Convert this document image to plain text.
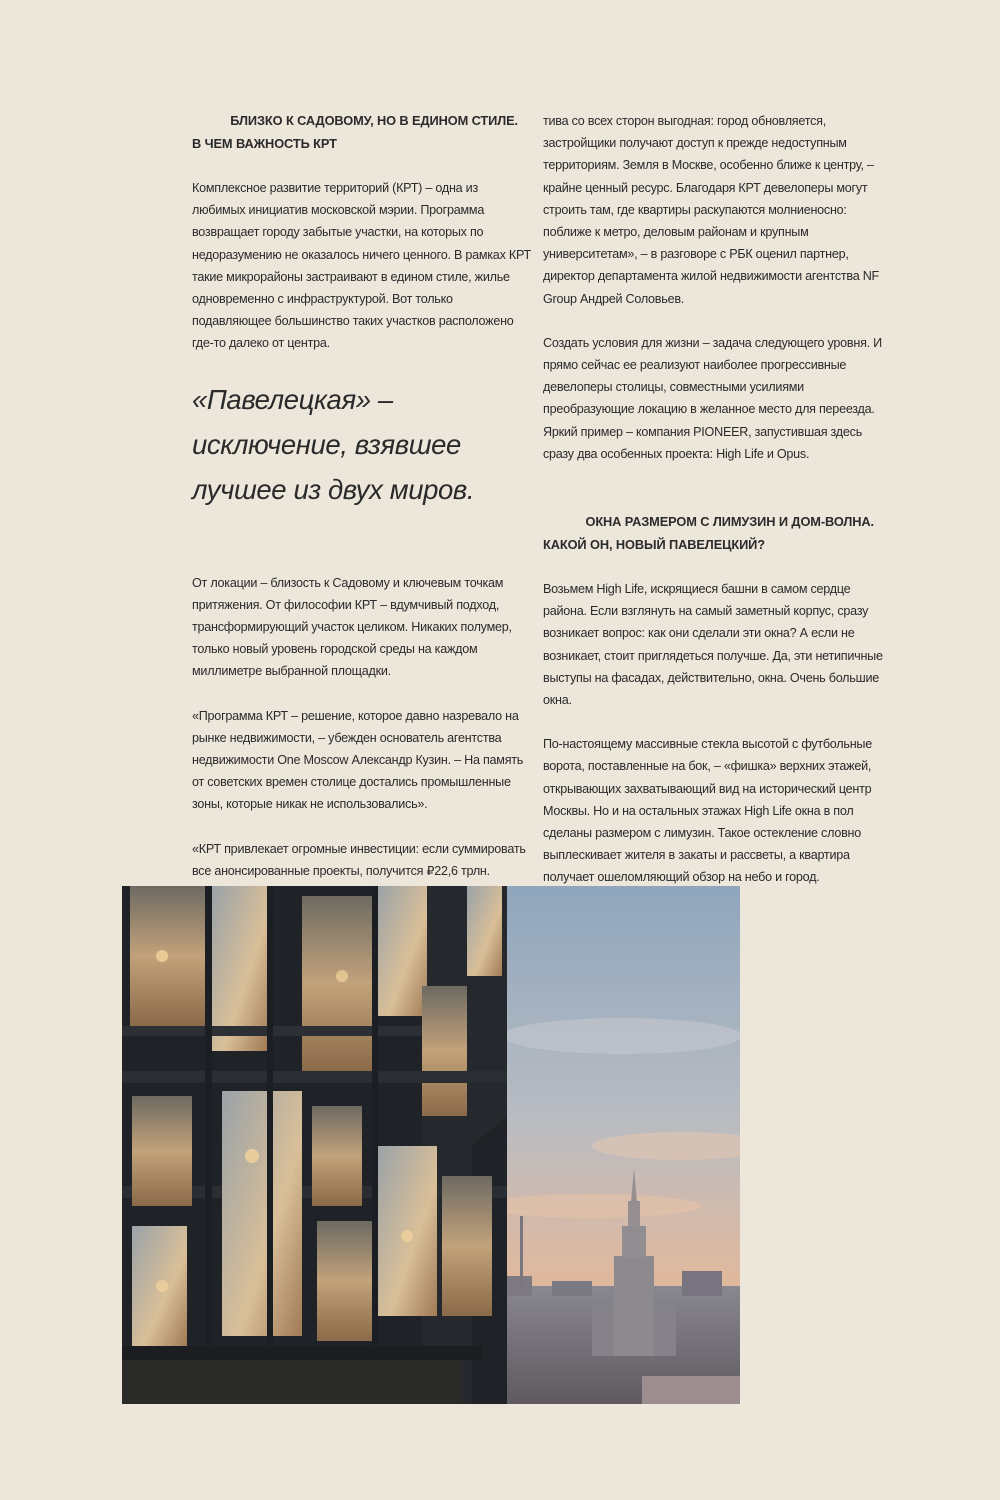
БЛИЗКО К САДОВОМУ, НО В ЕДИНОМ СТИЛЕ.
В ЧЕМ ВАЖНОСТЬ КРТ

Комплексное развитие территорий (КРТ) – одна из любимых инициатив московской мэрии. Программа возвращает городу забытые участки, на которых по недоразумению не оказалось ничего ценного. В рамках КРТ такие микрорайоны застраивают в едином стиле, жилье одновременно с инфраструктурой. Вот только подавляющее большинство таких участков расположено где-то далеко от центра.

«Павелецкая» – исключение, взявшее лучшее из двух миров.

От локации – близость к Садовому и ключевым точкам притяжения. От философии КРТ – вдумчивый подход, трансформирующий участок целиком. Никаких полумер, только новый уровень городской среды на каждом миллиметре выбранной площадки.

«Программа КРТ – решение, которое давно назревало на рынке недвижимости, – убежден основатель агентства недвижимости One Moscow Александр Кузин. – На память от советских времен столице достались промышленные зоны, которые никак не использовались».

«КРТ привлекает огромные инвестиции: если суммировать все анонсированные проекты, получится ₽22,6 трлн.

тива со всех сторон выгодная: город обновляется, застройщики получают доступ к прежде недоступным территориям. Земля в Москве, особенно ближе к центру, – крайне ценный ресурс. Благодаря КРТ девелоперы могут строить там, где квартиры раскупаются молниеносно: поближе к метро, деловым районам и крупным университетам», – в разговоре с РБК оценил партнер, директор департамента жилой недвижимости агентства NF Group Андрей Соловьев.

Создать условия для жизни – задача следующего уровня. И прямо сейчас ее реализуют наиболее прогрессивные девелоперы столицы, совместными усилиями преобразующие локацию в желанное место для переезда. Яркий пример – компания PIONEER, запустившая здесь сразу два особенных проекта: High Life и Opus.

ОКНА РАЗМЕРОМ С ЛИМУЗИН И ДОМ-ВОЛНА.
КАКОЙ ОН, НОВЫЙ ПАВЕЛЕЦКИЙ?

Возьмем High Life, искрящиеся башни в самом сердце района. Если взглянуть на самый заметный корпус, сразу возникает вопрос: как они сделали эти окна? А если не возникает, стоит приглядеться получше. Да, эти нетипичные выступы на фасадах, действительно, окна. Очень большие окна.

По-настоящему массивные стекла высотой с футбольные ворота, поставленные на бок, – «фишка» верхних этажей, открывающих захватывающий вид на исторический центр Москвы. Но и на остальных этажах High Life окна в пол сделаны размером с лимузин. Такое остекление словно выплескивает жителя в закаты и рассветы, а квартира получает ошеломляющий обзор на небо и город.
